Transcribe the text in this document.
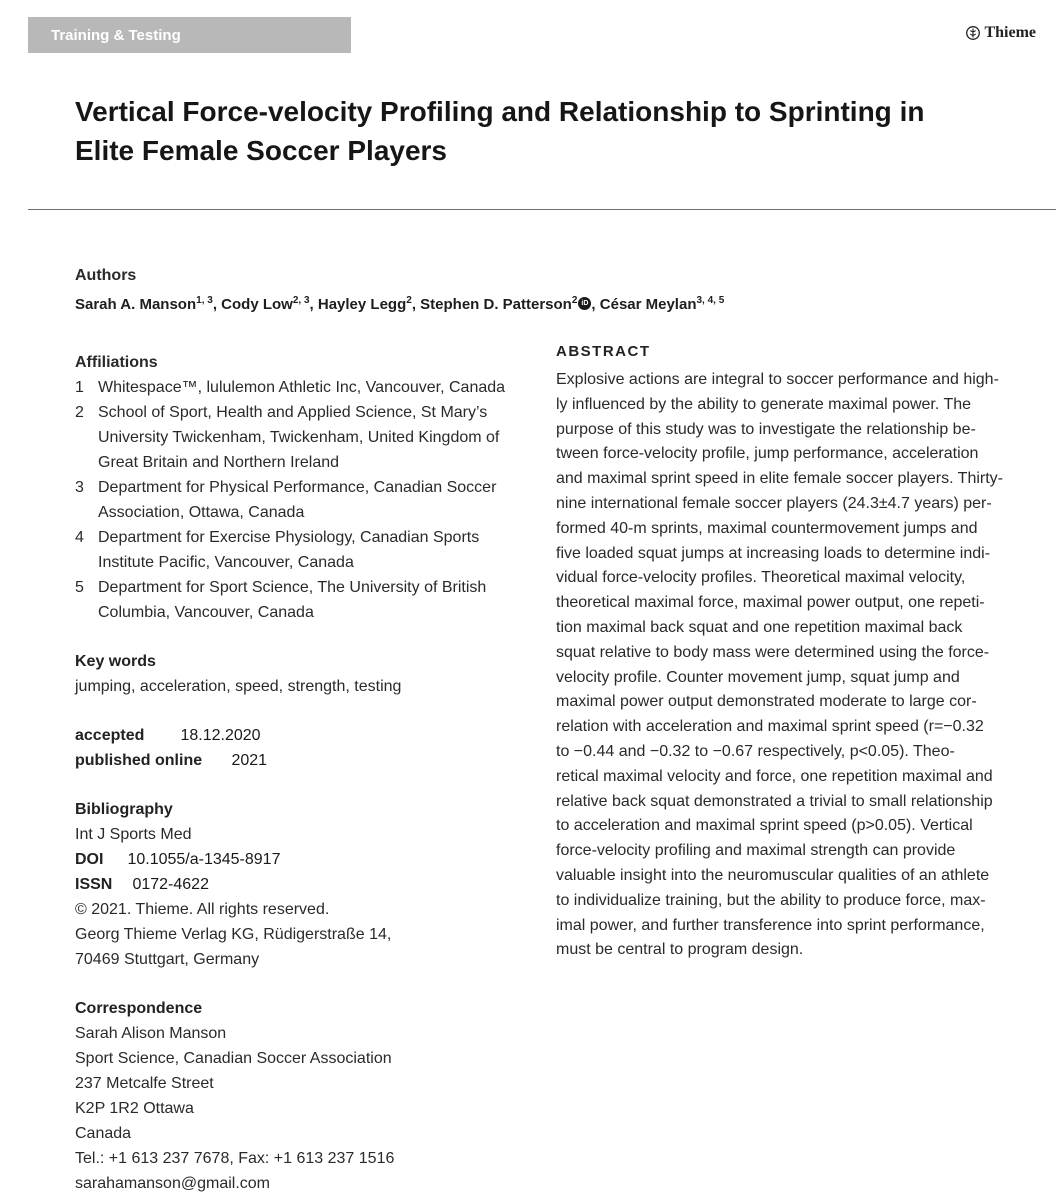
Training & Testing	Thieme
Vertical Force-velocity Profiling and Relationship to Sprinting in
Elite Female Soccer Players
Authors
Sarah A. Manson$^{1, 3}$, Cody Low$^{2, 3}$, Hayley Legg$^2$, Stephen D. Patterson$^2$ iD , César Meylan$^{3, 4, 5}$
Affiliations
1 Whitespace™, lululemon Athletic Inc, Vancouver, Canada
2 School of Sport, Health and Applied Science, St Mary’s
University Twickenham, Twickenham, United Kingdom of
Great Britain and Northern Ireland
3 Department for Physical Performance, Canadian Soccer
Association, Ottawa, Canada
4 Department for Exercise Physiology, Canadian Sports
Institute Pacific, Vancouver, Canada
5 Department for Sport Science, The University of British
Columbia, Vancouver, Canada
Key words
jumping, acceleration, speed, strength, testing
accepted 18.12.2020
published online 2021
Bibliography
Int J Sports Med
DOI 10.1055/a-1345-8917
ISSN 0172-4622
© 2021. Thieme. All rights reserved.
Georg Thieme Verlag KG, Rüdigerstraße 14,
70469 Stuttgart, Germany
Correspondence
Sarah Alison Manson
Sport Science, Canadian Soccer Association
237 Metcalfe Street
K2P 1R2 Ottawa
Canada
Tel.: +1 613 237 7678, Fax: +1 613 237 1516
sarahamanson@gmail.com
ABSTRACT
Explosive actions are integral to soccer performance and high-
ly influenced by the ability to generate maximal power. The
purpose of this study was to investigate the relationship be-
tween force-velocity profile, jump performance, acceleration
and maximal sprint speed in elite female soccer players. Thirty-
nine international female soccer players (24.3±4.7 years) per-
formed 40-m sprints, maximal countermovement jumps and
five loaded squat jumps at increasing loads to determine indi-
vidual force-velocity profiles. Theoretical maximal velocity,
theoretical maximal force, maximal power output, one repeti-
tion maximal back squat and one repetition maximal back
squat relative to body mass were determined using the force-
velocity profile. Counter movement jump, squat jump and
maximal power output demonstrated moderate to large cor-
relation with acceleration and maximal sprint speed (r=−0.32
to −0.44 and −0.32 to −0.67 respectively, p<0.05). Theo-
retical maximal velocity and force, one repetition maximal and
relative back squat demonstrated a trivial to small relationship
to acceleration and maximal sprint speed (p>0.05). Vertical
force-velocity profiling and maximal strength can provide
valuable insight into the neuromuscular qualities of an athlete
to individualize training, but the ability to produce force, max-
imal power, and further transference into sprint performance,
must be central to program design.
